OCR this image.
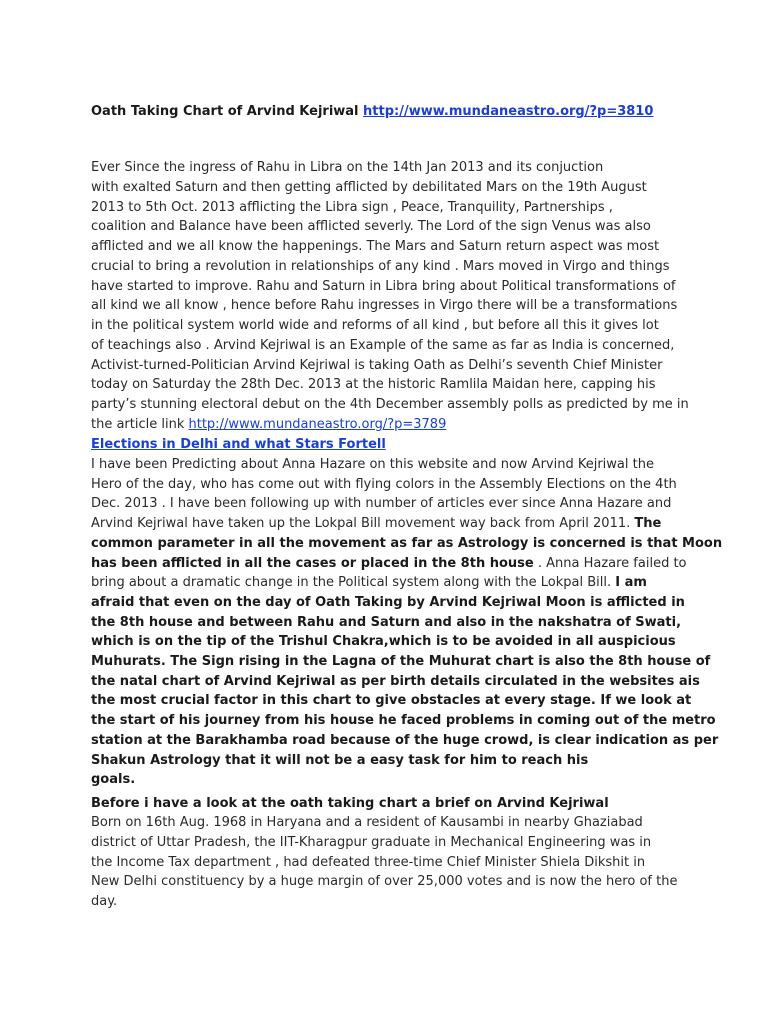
Oath Taking Chart of Arvind Kejriwal http://www.mundaneastro.org/?p=3810
Ever Since the ingress of Rahu in Libra on the 14th Jan 2013 and its conjuction
with exalted Saturn and then getting afflicted by debilitated Mars on the 19th August
2013 to 5th Oct. 2013 afflicting the Libra sign , Peace, Tranquility, Partnerships ,
coalition and Balance have been afflicted severly. The Lord of the sign Venus was also
afflicted and we all know the happenings. The Mars and Saturn return aspect was most
crucial to bring a revolution in relationships of any kind . Mars moved in Virgo and things
have started to improve. Rahu and Saturn in Libra bring about Political transformations of
all kind we all know , hence before Rahu ingresses in Virgo there will be a transformations
in the political system world wide and reforms of all kind , but before all this it gives lot
of teachings also . Arvind Kejriwal is an Example of the same as far as India is concerned,
Activist-turned-Politician Arvind Kejriwal is taking Oath as Delhi’s seventh Chief Minister
today on Saturday the 28th Dec. 2013 at the historic Ramlila Maidan here, capping his
party’s stunning electoral debut on the 4th December assembly polls as predicted by me in
the article link http://www.mundaneastro.org/?p=3789
Elections in Delhi and what Stars Fortell
I have been Predicting about Anna Hazare on this website and now Arvind Kejriwal the
Hero of the day, who has come out with flying colors in the Assembly Elections on the 4th
Dec. 2013 . I have been following up with number of articles ever since Anna Hazare and
Arvind Kejriwal have taken up the Lokpal Bill movement way back from April 2011. The
common parameter in all the movement as far as Astrology is concerned is that Moon
has been afflicted in all the cases or placed in the 8th house . Anna Hazare failed to
bring about a dramatic change in the Political system along with the Lokpal Bill. I am
afraid that even on the day of Oath Taking by Arvind Kejriwal Moon is afflicted in
the 8th house and between Rahu and Saturn and also in the nakshatra of Swati,
which is on the tip of the Trishul Chakra,which is to be avoided in all auspicious
Muhurats. The Sign rising in the Lagna of the Muhurat chart is also the 8th house of
the natal chart of Arvind Kejriwal as per birth details circulated in the websites ais
the most crucial factor in this chart to give obstacles at every stage. If we look at
the start of his journey from his house he faced problems in coming out of the metro
station at the Barakhamba road because of the huge crowd, is clear indication as per
Shakun Astrology that it will not be a easy task for him to reach his
goals.
Before i have a look at the oath taking chart a brief on Arvind Kejriwal
Born on 16th Aug. 1968 in Haryana and a resident of Kausambi in nearby Ghaziabad
district of Uttar Pradesh, the IIT-Kharagpur graduate in Mechanical Engineering was in
the Income Tax department , had defeated three-time Chief Minister Shiela Dikshit in
New Delhi constituency by a huge margin of over 25,000 votes and is now the hero of the
day.
